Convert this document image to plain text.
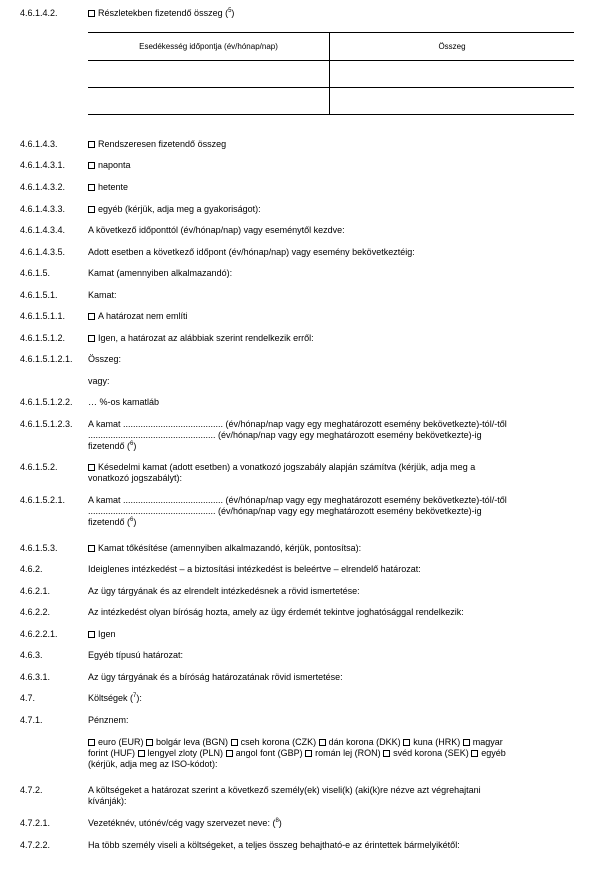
4.6.1.4.2.	Részletekben fizetendő összeg ($^5$)
Esedékesség időpontja (év/hónap/nap)	Összeg

4.6.1.4.3.	Rendszeresen fizetendő összeg
4.6.1.4.3.1.	naponta
4.6.1.4.3.2.	hetente
4.6.1.4.3.3.	egyéb (kérjük, adja meg a gyakoriságot):
4.6.1.4.3.4.	A következő időponttól (év/hónap/nap) vagy eseménytől kezdve:
4.6.1.4.3.5.	Adott esetben a következő időpont (év/hónap/nap) vagy esemény bekövetkeztéig:
4.6.1.5.	Kamat (amennyiben alkalmazandó):
4.6.1.5.1.	Kamat:
4.6.1.5.1.1.	A határozat nem említi
4.6.1.5.1.2.	Igen, a határozat az alábbiak szerint rendelkezik erről:
4.6.1.5.1.2.1. Összeg:
vagy:
4.6.1.5.1.2.2. … %-os kamatláb
4.6.1.5.1.2.3. A kamat ........................................ (év/hónap/nap vagy egy meghatározott esemény bekövetkezte)-tól/-től
................................................... (év/hónap/nap vagy egy meghatározott esemény bekövetkezte)-ig
fizetendő ($^6$)
4.6.1.5.2.	Késedelmi kamat (adott esetben) a vonatkozó jogszabály alapján számítva (kérjük, adja meg a
vonatkozó jogszabályt):
4.6.1.5.2.1.	A kamat ........................................ (év/hónap/nap vagy egy meghatározott esemény bekövetkezte)-tól/-től
................................................... (év/hónap/nap vagy egy meghatározott esemény bekövetkezte)-ig
fizetendő ($^6$)
4.6.1.5.3.	Kamat tőkésítése (amennyiben alkalmazandó, kérjük, pontosítsa):
4.6.2.	Ideiglenes intézkedést – a biztosítási intézkedést is beleértve – elrendelő határozat:
4.6.2.1.	Az ügy tárgyának és az elrendelt intézkedésnek a rövid ismertetése:
4.6.2.2.	Az intézkedést olyan bíróság hozta, amely az ügy érdemét tekintve joghatósággal rendelkezik:
4.6.2.2.1.	Igen
4.6.3.	Egyéb típusú határozat:
4.6.3.1.	Az ügy tárgyának és a bíróság határozatának rövid ismertetése:
4.7.	Költségek ($^7$):
4.7.1.	Pénznem:
euro (EUR) bolgár leva (BGN) cseh korona (CZK) dán korona (DKK) kuna (HRK) magyar
forint (HUF) lengyel zloty (PLN) angol font (GBP) román lej (RON) svéd korona (SEK) egyéb
(kérjük, adja meg az ISO-kódot):
4.7.2.	A költségeket a határozat szerint a következő személy(ek) viseli(k) (aki(k)re nézve azt végrehajtani
kívánják):
4.7.2.1.	Vezetéknév, utónév/cég vagy szervezet neve: ($^8$)
4.7.2.2.	Ha több személy viseli a költségeket, a teljes összeg behajtható-e az érintettek bármelyikétől:
